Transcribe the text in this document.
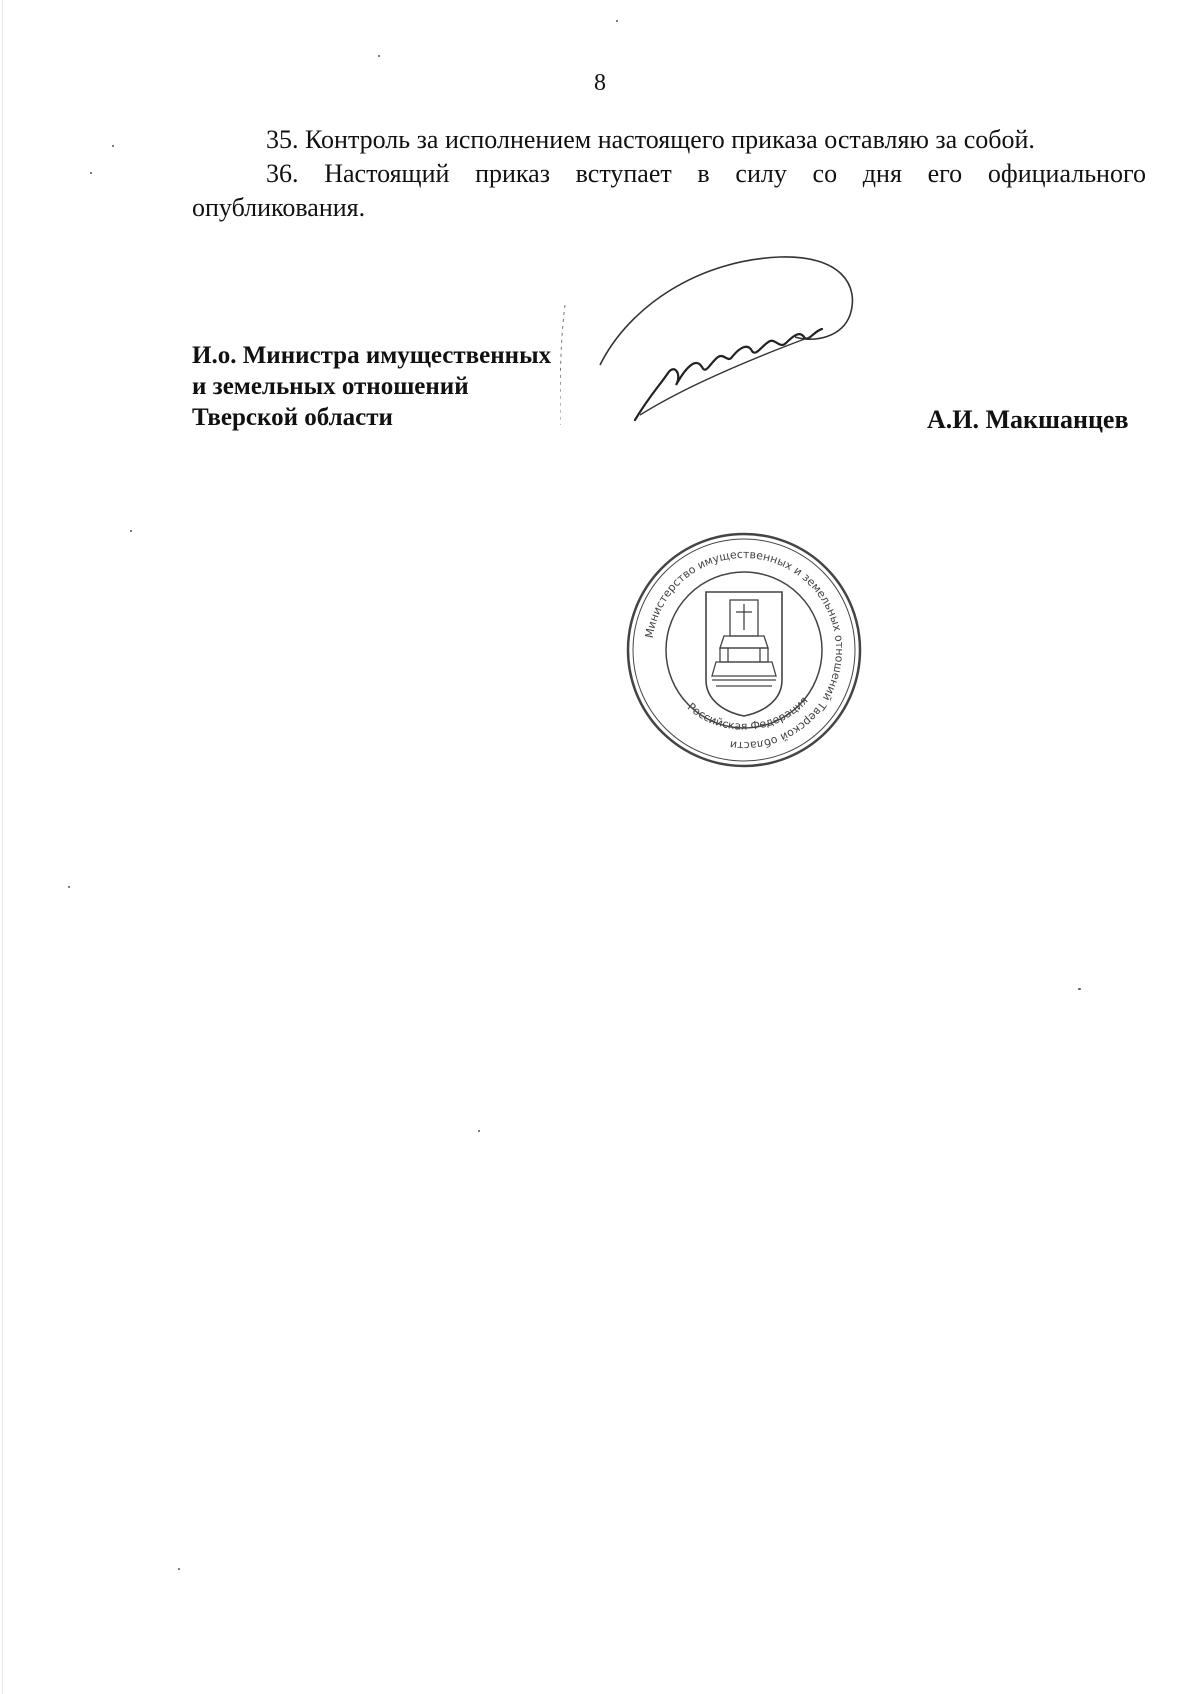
8

35. Контроль за исполнением настоящего приказа оставляю за собой.

36. Настоящий приказ вступает в силу со дня его официального опубликования.

И.о. Министра имущественных
и земельных отношений
Тверской области	А.И. Макшанцев
Министерство имущественных и земельных отношений Тверской области
Российская Федерация
